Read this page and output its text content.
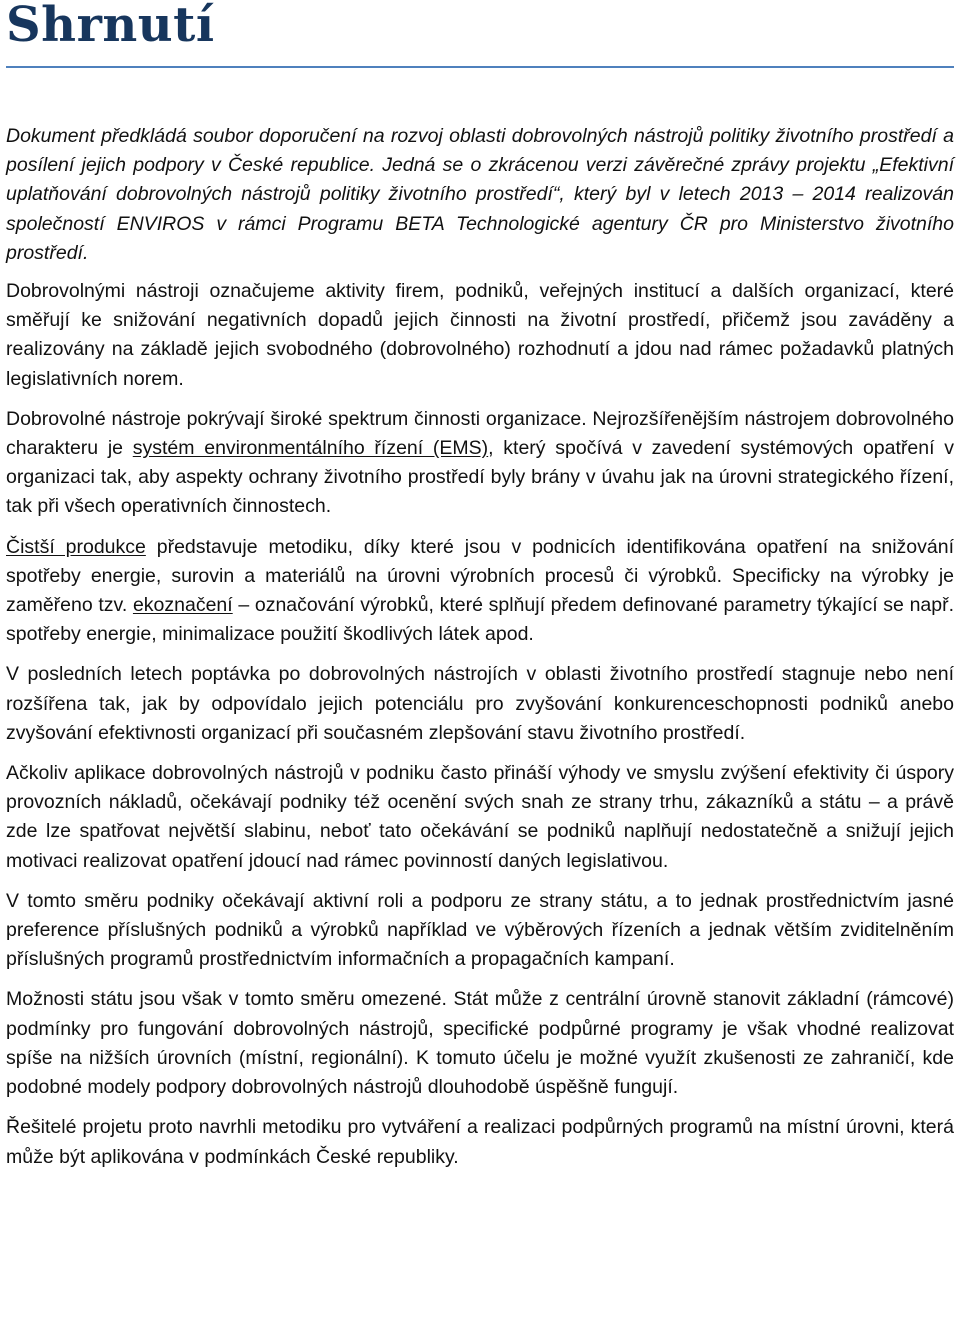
Shrnutí

Dokument předkládá soubor doporučení na rozvoj oblasti dobrovolných nástrojů politiky životního prostředí a posílení jejich podpory v České republice. Jedná se o zkrácenou verzi závěrečné zprávy projektu „Efektivní uplatňování dobrovolných nástrojů politiky životního prostředí“, který byl v letech 2013 – 2014 realizován společností ENVIROS v rámci Programu BETA Technologické agentury ČR pro Ministerstvo životního prostředí.

Dobrovolnými nástroji označujeme aktivity firem, podniků, veřejných institucí a dalších organizací, které směřují ke snižování negativních dopadů jejich činnosti na životní prostředí, přičemž jsou zaváděny a realizovány na základě jejich svobodného (dobrovolného) rozhodnutí a jdou nad rámec požadavků platných legislativních norem.

Dobrovolné nástroje pokrývají široké spektrum činnosti organizace. Nejrozšířenějším nástrojem dobrovolného charakteru je systém environmentálního řízení (EMS), který spočívá v zavedení systémových opatření v organizaci tak, aby aspekty ochrany životního prostředí byly brány v úvahu jak na úrovni strategického řízení, tak při všech operativních činnostech.

Čistší produkce představuje metodiku, díky které jsou v podnicích identifikována opatření na snižování spotřeby energie, surovin a materiálů na úrovni výrobních procesů či výrobků. Specificky na výrobky je zaměřeno tzv. ekoznačení – označování výrobků, které splňují předem definované parametry týkající se např. spotřeby energie, minimalizace použití škodlivých látek apod.

V posledních letech poptávka po dobrovolných nástrojích v oblasti životního prostředí stagnuje nebo není rozšířena tak, jak by odpovídalo jejich potenciálu pro zvyšování konkurenceschopnosti podniků anebo zvyšování efektivnosti organizací při současném zlepšování stavu životního prostředí.

Ačkoliv aplikace dobrovolných nástrojů v podniku často přináší výhody ve smyslu zvýšení efektivity či úspory provozních nákladů, očekávají podniky též ocenění svých snah ze strany trhu, zákazníků a státu – a právě zde lze spatřovat největší slabinu, neboť tato očekávání se podniků naplňují nedostatečně a snižují jejich motivaci realizovat opatření jdoucí nad rámec povinností daných legislativou.

V tomto směru podniky očekávají aktivní roli a podporu ze strany státu, a to jednak prostřednictvím jasné preference příslušných podniků a výrobků například ve výběrových řízeních a jednak větším zviditelněním příslušných programů prostřednictvím informačních a propagačních kampaní.

Možnosti státu jsou však v tomto směru omezené. Stát může z centrální úrovně stanovit základní (rámcové) podmínky pro fungování dobrovolných nástrojů, specifické podpůrné programy je však vhodné realizovat spíše na nižších úrovních (místní, regionální). K tomuto účelu je možné využít zkušenosti ze zahraničí, kde podobné modely podpory dobrovolných nástrojů dlouhodobě úspěšně fungují.

Řešitelé projetu proto navrhli metodiku pro vytváření a realizaci podpůrných programů na místní úrovni, která může být aplikována v podmínkách České republiky.
